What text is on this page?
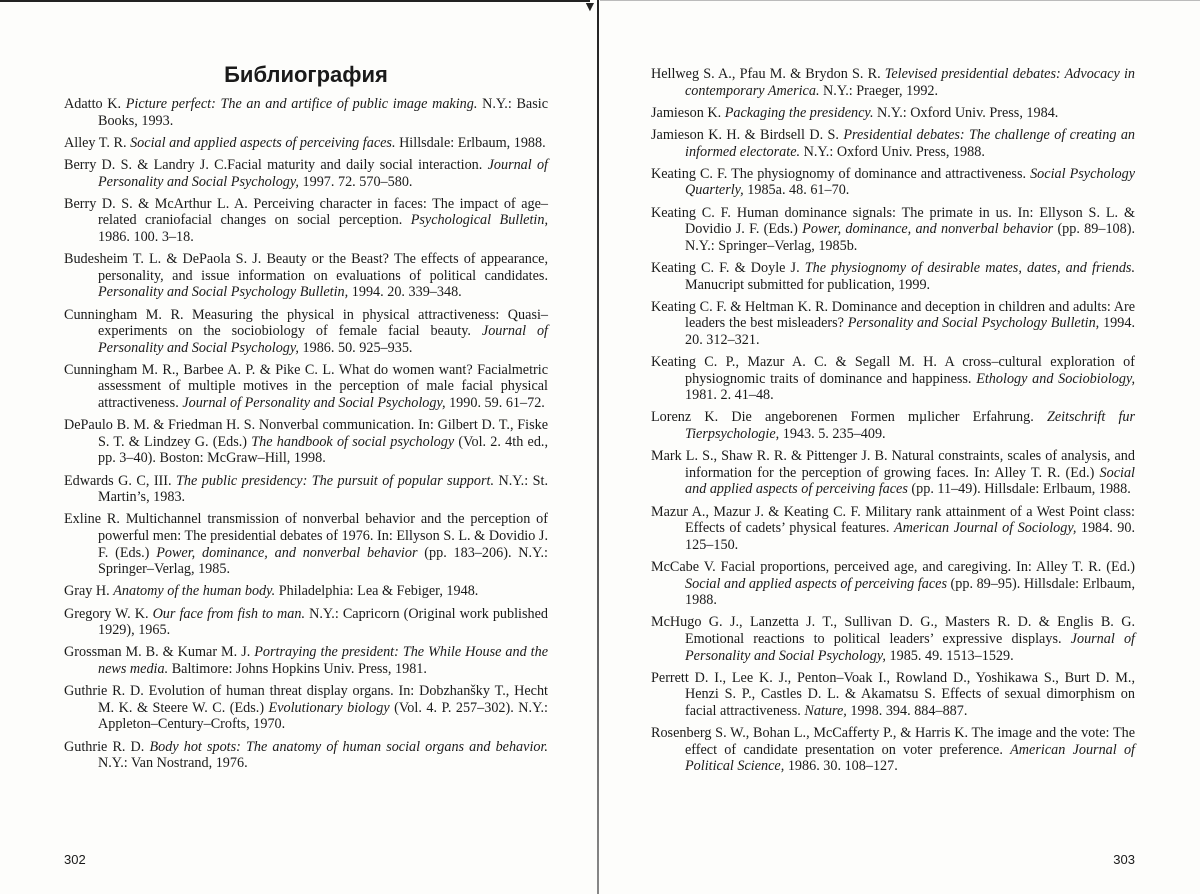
▼
Библиография
Adatto K. Picture perfect: The an and artifice of public image making. N.Y.: Basic Books, 1993.
Alley T. R. Social and applied aspects of perceiving faces. Hillsdale: Erlbaum, 1988.
Berry D. S. & Landry J. C.Facial maturity and daily social interaction. Journal of Personality and Social Psychology, 1997. 72. 570–580.
Berry D. S. & McArthur L. A. Perceiving character in faces: The impact of age–related craniofacial changes on social perception. Psychological Bulletin, 1986. 100. 3–18.
Budesheim T. L. & DePaola S. J. Beauty or the Beast? The effects of appearance, personality, and issue information on evaluations of political candidates. Personality and Social Psychology Bulletin, 1994. 20. 339–348.
Cunningham M. R. Measuring the physical in physical attractiveness: Quasi–experiments on the sociobiology of female facial beauty. Journal of Personality and Social Psychology, 1986. 50. 925–935.
Cunningham M. R., Barbee A. P. & Pike C. L. What do women want? Facialmetric assessment of multiple motives in the perception of male facial physical attractiveness. Journal of Personality and Social Psychology, 1990. 59. 61–72.
DePaulo B. M. & Friedman H. S. Nonverbal communication. In: Gilbert D. T., Fiske S. T. & Lindzey G. (Eds.) The handbook of social psychology (Vol. 2. 4th ed., pp. 3–40). Boston: McGraw–Hill, 1998.
Edwards G. C, III. The public presidency: The pursuit of popular support. N.Y.: St. Martin’s, 1983.
Exline R. Multichannel transmission of nonverbal behavior and the perception of powerful men: The presidential debates of 1976. In: Ellyson S. L. & Dovidio J. F. (Eds.) Power, dominance, and nonverbal behavior (pp. 183–206). N.Y.: Springer–Verlag, 1985.
Gray H. Anatomy of the human body. Philadelphia: Lea & Febiger, 1948.
Gregory W. K. Our face from fish to man. N.Y.: Capricorn (Original work published 1929), 1965.
Grossman M. B. & Kumar M. J. Portraying the president: The While House and the news media. Baltimore: Johns Hopkins Univ. Press, 1981.
Guthrie R. D. Evolution of human threat display organs. In: Dobzhanšky T., Hecht M. K. & Steere W. C. (Eds.) Evolutionary biology (Vol. 4. P. 257–302). N.Y.: Appleton–Century–Crofts, 1970.
Guthrie R. D. Body hot spots: The anatomy of human social organs and behavior. N.Y.: Van Nostrand, 1976.
302
Hellweg S. A., Pfau M. & Brydon S. R. Televised presidential debates: Advocacy in contemporary America. N.Y.: Praeger, 1992.
Jamieson K. Packaging the presidency. N.Y.: Oxford Univ. Press, 1984.
Jamieson K. H. & Birdsell D. S. Presidential debates: The challenge of creating an informed electorate. N.Y.: Oxford Univ. Press, 1988.
Keating C. F. The physiognomy of dominance and attractiveness. Social Psychology Quarterly, 1985a. 48. 61–70.
Keating C. F. Human dominance signals: The primate in us. In: Ellyson S. L. & Dovidio J. F. (Eds.) Power, dominance, and nonverbal behavior (pp. 89–108). N.Y.: Springer–Verlag, 1985b.
Keating C. F. & Doyle J. The physiognomy of desirable mates, dates, and friends. Manucript submitted for publication, 1999.
Keating C. F. & Heltman K. R. Dominance and deception in children and adults: Are leaders the best misleaders? Personality and Social Psychology Bulletin, 1994. 20. 312–321.
Keating C. P., Mazur A. C. & Segall M. H. A cross–cultural exploration of physiognomic traits of dominance and happiness. Ethology and Sociobiology, 1981. 2. 41–48.
Lorenz K. Die angeborenen Formen mµlicher Erfahrung. Zeitschrift fur Tierpsychologie, 1943. 5. 235–409.
Mark L. S., Shaw R. R. & Pittenger J. B. Natural constraints, scales of analysis, and information for the perception of growing faces. In: Alley T. R. (Ed.) Social and applied aspects of perceiving faces (pp. 11–49). Hillsdale: Erlbaum, 1988.
Mazur A., Mazur J. & Keating C. F. Military rank attainment of a West Point class: Effects of cadets’ physical features. American Journal of Sociology, 1984. 90. 125–150.
McCabe V. Facial proportions, perceived age, and caregiving. In: Alley T. R. (Ed.) Social and applied aspects of perceiving faces (pp. 89–95). Hillsdale: Erlbaum, 1988.
McHugo G. J., Lanzetta J. T., Sullivan D. G., Masters R. D. & Englis B. G. Emotional reactions to political leaders’ expressive displays. Journal of Personality and Social Psychology, 1985. 49. 1513–1529.
Perrett D. I., Lee K. J., Penton–Voak I., Rowland D., Yoshikawa S., Burt D. M., Henzi S. P., Castles D. L. & Akamatsu S. Effects of sexual dimorphism on facial attractiveness. Nature, 1998. 394. 884–887.
Rosenberg S. W., Bohan L., McCafferty P., & Harris K. The image and the vote: The effect of candidate presentation on voter preference. American Journal of Political Science, 1986. 30. 108–127.
303
